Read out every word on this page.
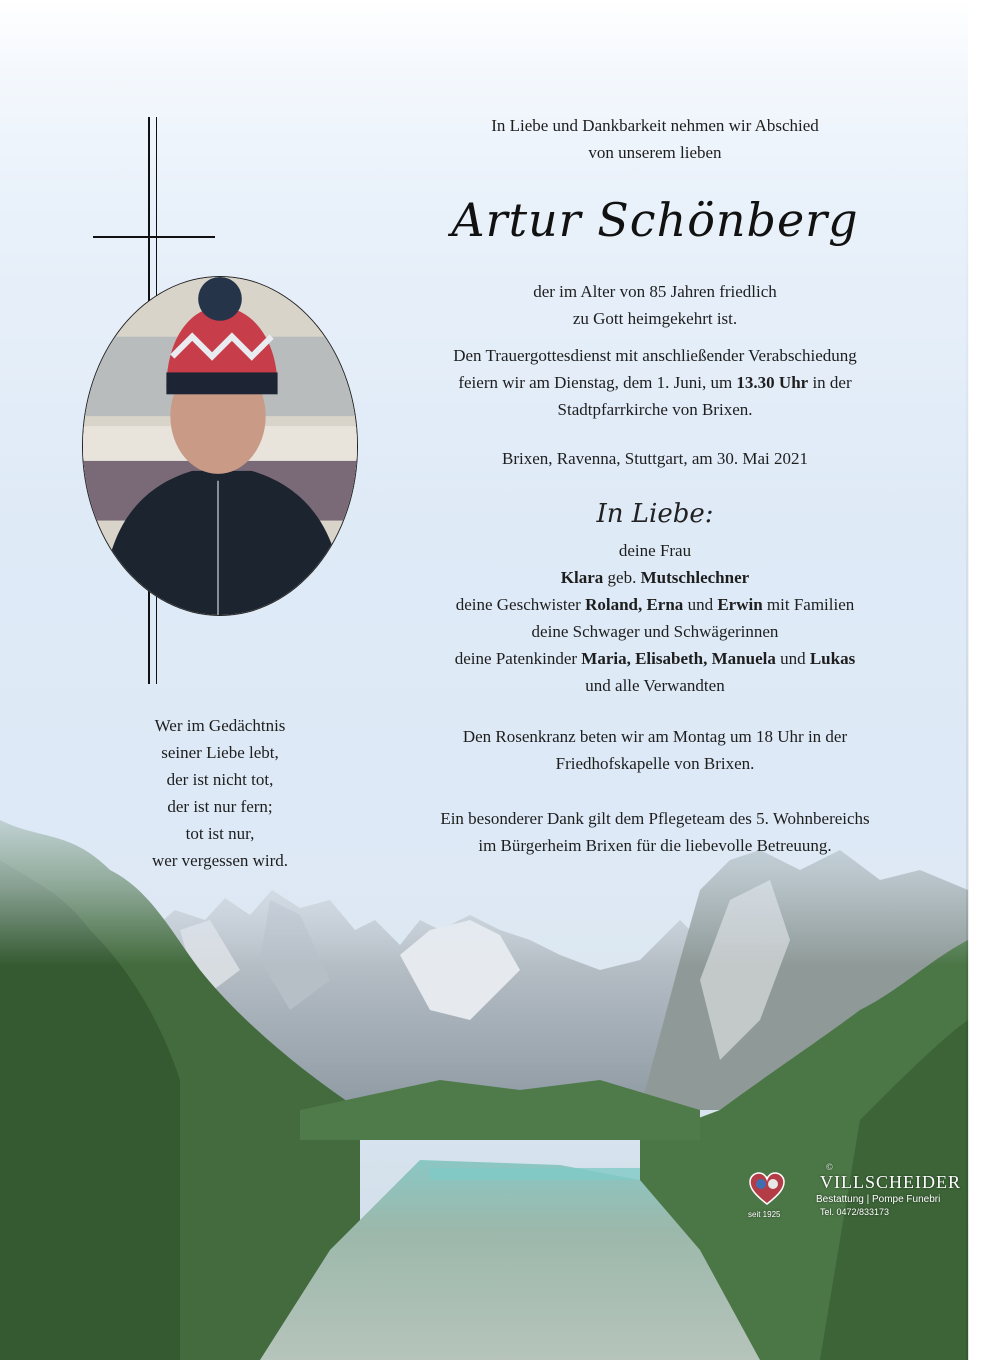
Wer im Gedächtnis
seiner Liebe lebt,
der ist nicht tot,
der ist nur fern;
tot ist nur,
wer vergessen wird.
In Liebe und Dankbarkeit nehmen wir Abschied
von unserem lieben
Artur Schönberg
der im Alter von 85 Jahren friedlich
zu Gott heimgekehrt ist.
Den Trauergottesdienst mit anschließender Verabschiedung
feiern wir am Dienstag, dem 1. Juni, um 13.30 Uhr in der
Stadtpfarrkirche von Brixen.
Brixen, Ravenna, Stuttgart, am 30. Mai 2021
In Liebe:
deine Frau
Klara geb. Mutschlechner
deine Geschwister Roland, Erna und Erwin mit Familien
deine Schwager und Schwägerinnen
deine Patenkinder Maria, Elisabeth, Manuela und Lukas
und alle Verwandten
Den Rosenkranz beten wir am Montag um 18 Uhr in der
Friedhofskapelle von Brixen.
Ein besonderer Dank gilt dem Pflegeteam des 5. Wohnbereichs
im Bürgerheim Brixen für die liebevolle Betreuung.
©
VILLSCHEIDER
Bestattung | Pompe Funebri
seit 1925	Tel. 0472/833173
